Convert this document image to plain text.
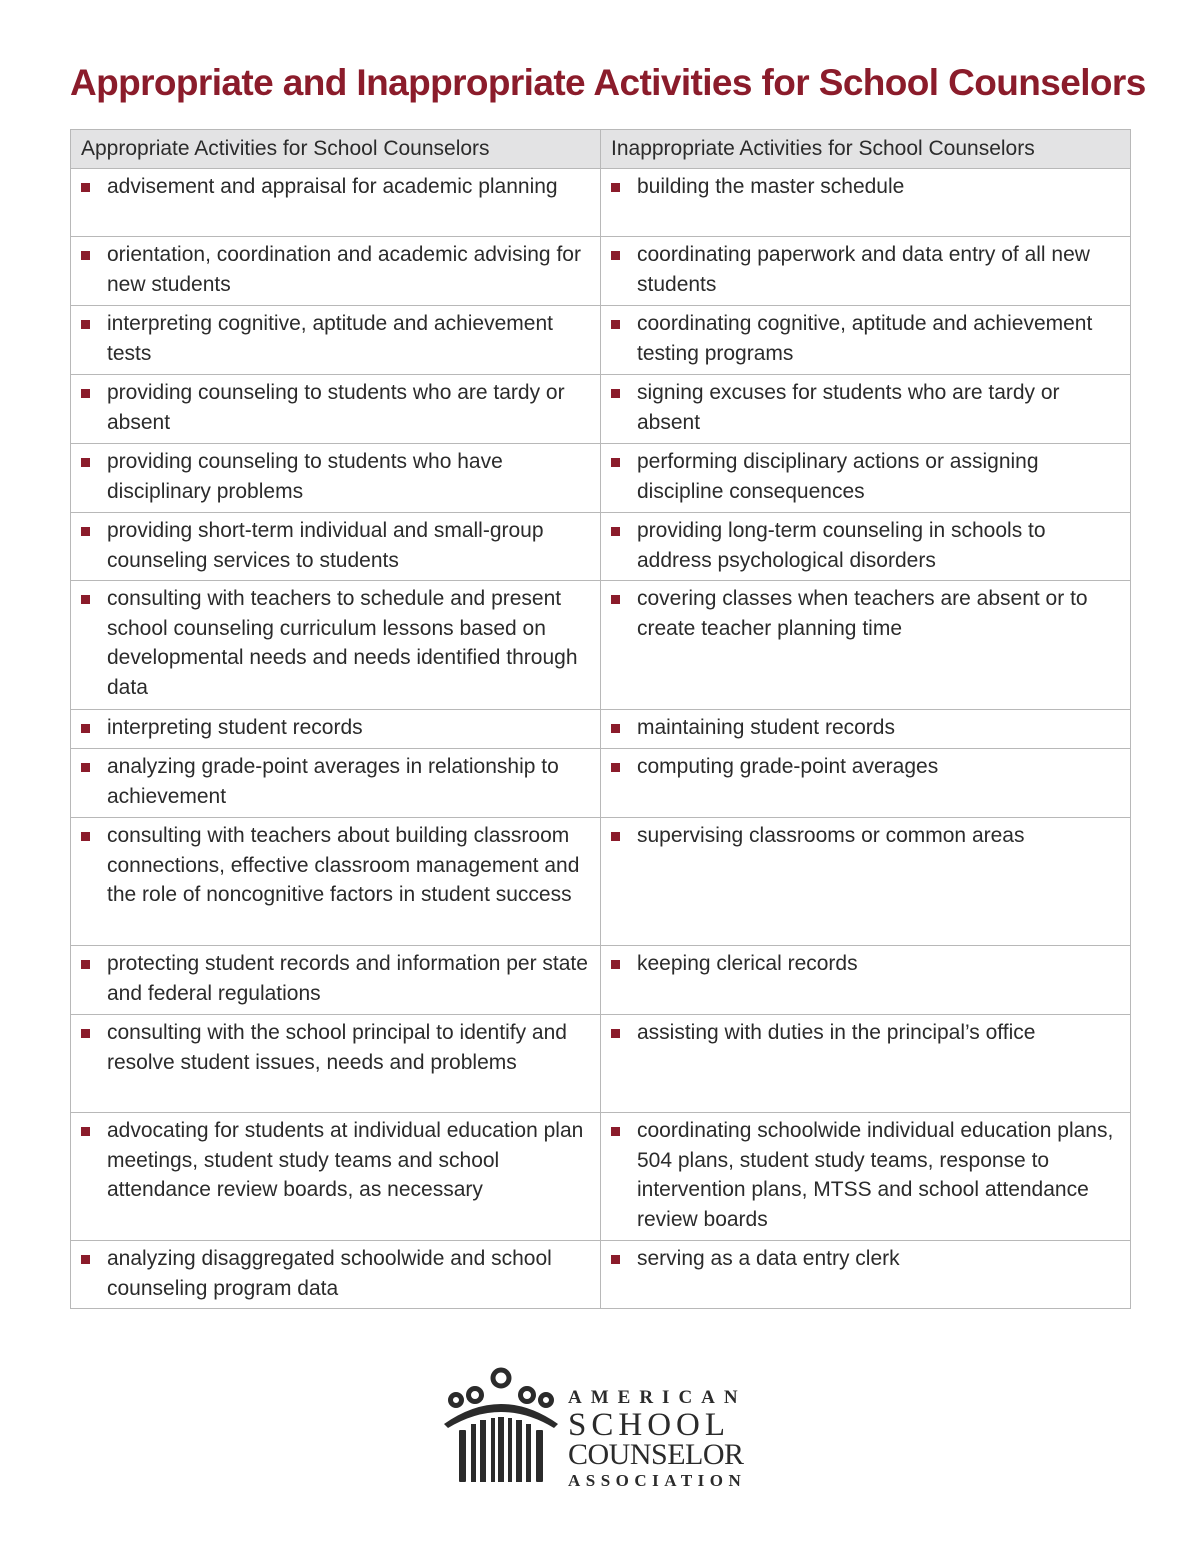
Appropriate and Inappropriate Activities for School Counselors
Appropriate Activities for School Counselors	Inappropriate Activities for School Counselors

advisement and appraisal for academic planning	building the master schedule

orientation, coordination and academic advising for new students	coordinating paperwork and data entry of all new students

interpreting cognitive, aptitude and achievement tests	coordinating cognitive, aptitude and achievement testing programs

providing counseling to students who are tardy or absent	signing excuses for students who are tardy or absent

providing counseling to students who have disciplinary problems	performing disciplinary actions or assigning discipline consequences

providing short-term individual and small-group counseling services to students	providing long-term counseling in schools to address psychological disorders

consulting with teachers to schedule and present school counseling curriculum lessons based on developmental needs and needs identified through data	covering classes when teachers are absent or to create teacher planning time

interpreting student records	maintaining student records

analyzing grade-point averages in relationship to achievement	computing grade-point averages

consulting with teachers about building classroom connections, effective classroom management and the role of noncognitive factors in student success	supervising classrooms or common areas

protecting student records and information per state and federal regulations	keeping clerical records

consulting with the school principal to identify and resolve student issues, needs and problems	assisting with duties in the principal’s office

advocating for students at individual education plan meetings, student study teams and school attendance review boards, as necessary	coordinating schoolwide individual education plans, 504 plans, student study teams, response to intervention plans, MTSS and school attendance review boards

analyzing disaggregated schoolwide and school counseling program data	serving as a data entry clerk
AMERICAN
SCHOOL
COUNSELOR
ASSOCIATION
